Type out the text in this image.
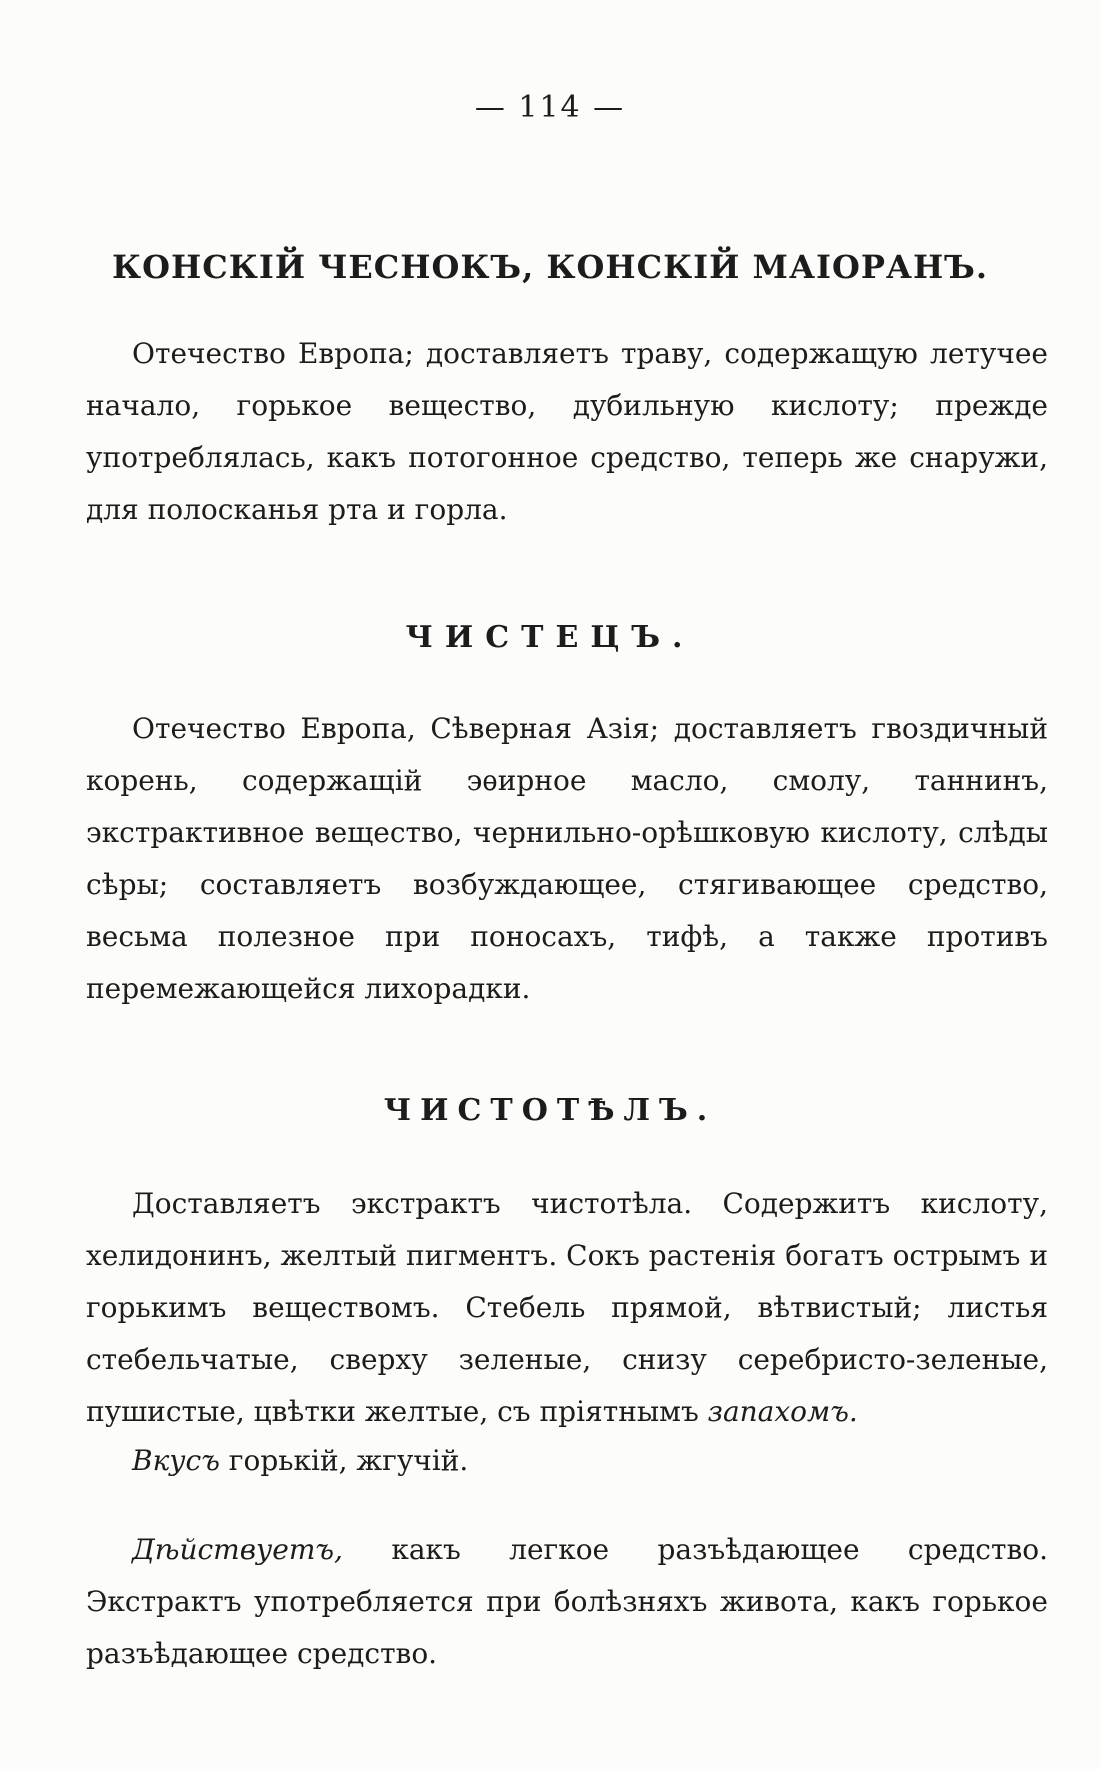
— 114 —
КОНСКІЙ ЧЕСНОКЪ, КОНСКІЙ МАІОРАНЪ.

Отечество Европа; доставляетъ траву, содержащую летучее начало, горькое вещество, дубильную кислоту; прежде употреблялась, какъ потогонное средство, теперь же снаружи, для полосканья рта и горла.

ЧИСТЕЦЪ.

Отечество Европа, Сѣверная Азія; доставляетъ гвоздичный корень, содержащій эѳирное масло, смолу, таннинъ, экстрактивное вещество, чернильно-орѣшковую кислоту, слѣды сѣры; составляетъ возбуждающее, стягивающее средство, весьма полезное при поносахъ, тифѣ, а также противъ перемежающейся лихорадки.

ЧИСТОТѢЛЪ.

Доставляетъ экстрактъ чистотѣла. Содержитъ кислоту, хелидонинъ, желтый пигментъ. Сокъ растенія богатъ острымъ и горькимъ веществомъ. Стебель прямой, вѣтвистый; листья стебельчатые, сверху зеленые, снизу серебристо-зеленые, пушистые, цвѣтки желтые, съ пріятнымъ запахомъ.

Вкусъ горькій, жгучій.

Дѣйствуетъ, какъ легкое разъѣдающее средство. Экстрактъ употребляется при болѣзняхъ живота, какъ горькое разъѣдающее средство.
